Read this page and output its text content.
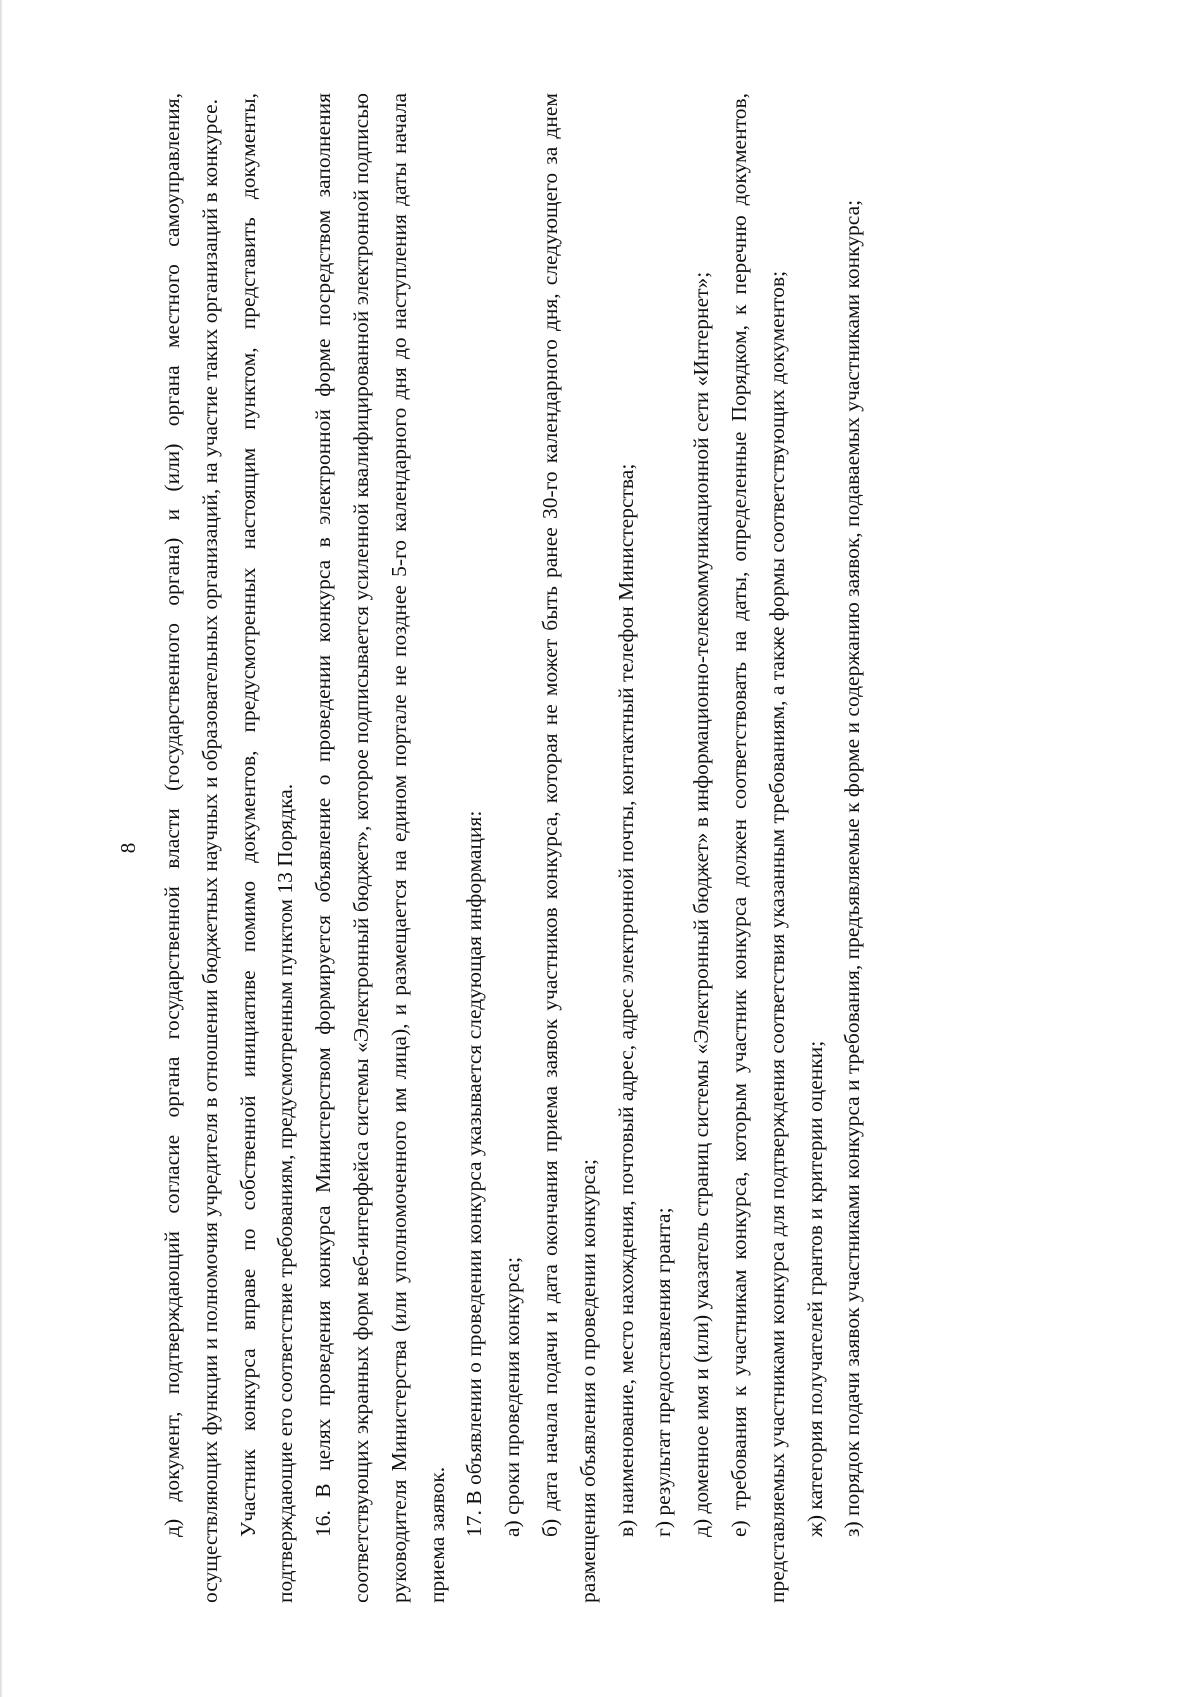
8 д) документ, подтверждающий согласие органа государственной власти (государственного органа) и (или) органа местного самоуправления, осуществляющих функции и полномочия учредителя в отношении бюджетных научных и образовательных организаций, на участие таких организаций в конкурсе. Участник конкурса вправе по собственной инициативе помимо документов, предусмотренных настоящим пунктом, представить документы, подтверждающие его соответствие требованиям, предусмотренным пунктом 13 Порядка. 16. В целях проведения конкурса Министерством формируется объявление о проведении конкурса в электронной форме посредством заполнения соответствующих экранных форм веб-интерфейса системы «Электронный бюджет», которое подписывается усиленной квалифицированной электронной подписью руководителя Министерства (или уполномоченного им лица), и размещается на едином портале не позднее 5-го календарного дня до наступления даты начала приема заявок. 17. В объявлении о проведении конкурса указывается следующая информация: а) сроки проведения конкурса; б) дата начала подачи и дата окончания приема заявок участников конкурса, которая не может быть ранее 30-го календарного дня, следующего за днем размещения объявления о проведении конкурса; в) наименование, место нахождения, почтовый адрес, адрес электронной почты, контактный телефон Министерства; г) результат предоставления гранта; д) доменное имя и (или) указатель страниц системы «Электронный бюджет» в информационно-телекоммуникационной сети «Интернет»; е) требования к участникам конкурса, которым участник конкурса должен соответствовать на даты, определенные Порядком, к перечню документов, представляемых участниками конкурса для подтверждения соответствия указанным требованиям, а также формы соответствующих документов; ж) категория получателей грантов и критерии оценки; з) порядок подачи заявок участниками конкурса и требования, предъявляемые к форме и содержанию заявок, подаваемых участниками конкурса;
